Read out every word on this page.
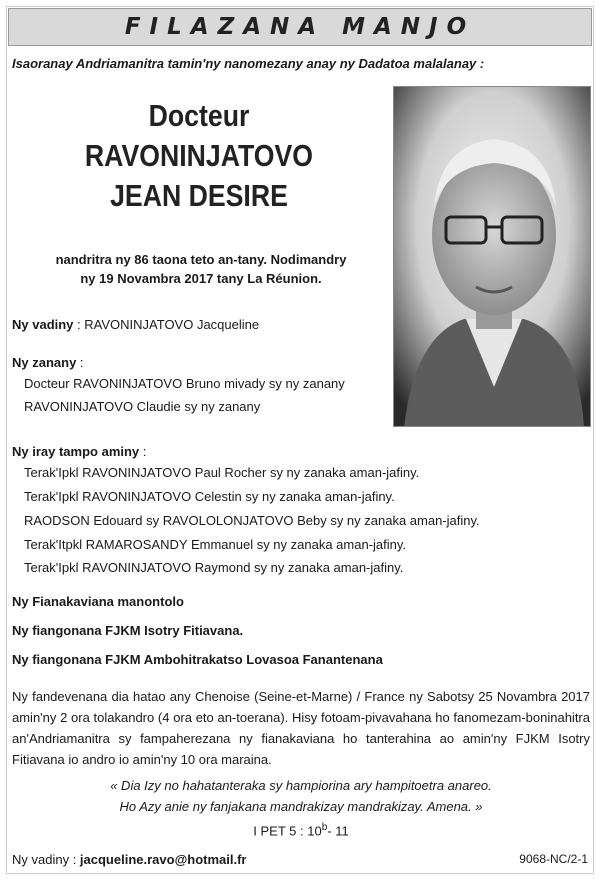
FILAZANA MANJO
Isaoranay Andriamanitra tamin'ny nanomezany anay ny Dadatoa malalanay :
Docteur
RAVONINJATOVO
JEAN DESIRE
nandritra ny 86 taona teto an-tany. Nodimandry
ny 19 Novambra 2017 tany La Réunion.
Ny vadiny : RAVONINJATOVO Jacqueline
Ny zanany :
Docteur RAVONINJATOVO Bruno mivady sy ny zanany
RAVONINJATOVO Claudie sy ny zanany
Ny iray tampo aminy :
Terak'Ipkl RAVONINJATOVO Paul Rocher sy ny zanaka aman-jafiny.
Terak'Ipkl RAVONINJATOVO Celestin sy ny zanaka aman-jafiny.
RAODSON Edouard sy RAVOLOLONJATOVO Beby sy ny zanaka aman-jafiny.
Terak'Itpkl RAMAROSANDY Emmanuel sy ny zanaka aman-jafiny.
Terak'Ipkl RAVONINJATOVO Raymond sy ny zanaka aman-jafiny.
Ny Fianakaviana manontolo
Ny fiangonana FJKM Isotry Fitiavana.
Ny fiangonana FJKM Ambohitrakatso Lovasoa Fanantenana
Ny fandevenana dia hatao any Chenoise (Seine-et-Marne) / France ny Sabotsy 25 Novambra 2017 amin'ny 2 ora tolakandro (4 ora eto an-toerana). Hisy fotoam-pivavahana ho fanomezam-boninahitra an'Andriamanitra sy fampaherezana ny fianakaviana ho tanterahina ao amin'ny FJKM Isotry Fitiavana io andro io amin'ny 10 ora maraina.
« Dia Izy no hahatanteraka sy hampiorina ary hampitoetra anareo.
Ho Azy anie ny fanjakana mandrakizay mandrakizay. Amena. »
I PET 5 : 10$^b$- 11
Ny vadiny : jacqueline.ravo@hotmail.fr	9068-NC/2-1
